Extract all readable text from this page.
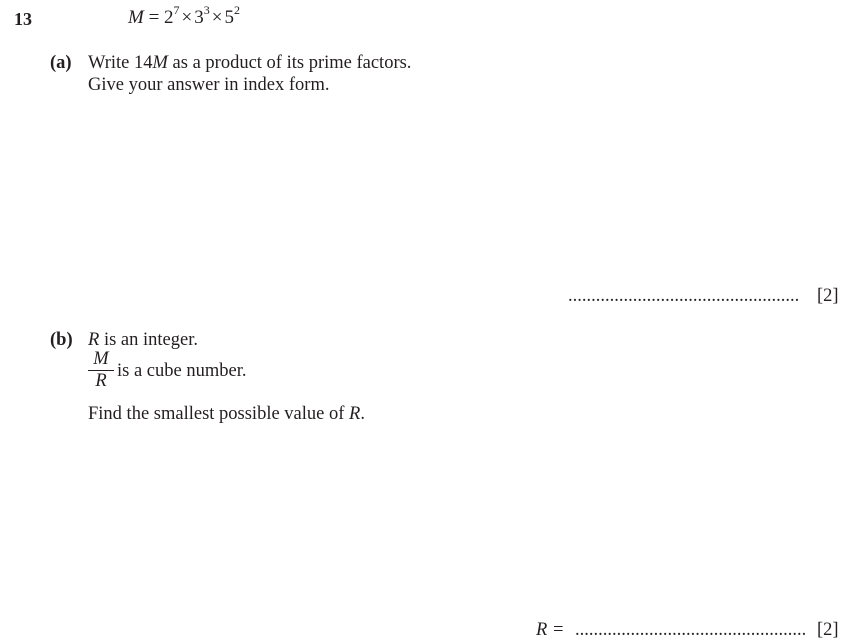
13	$M = 2^7 \times 3^3 \times 5^2$
(a) Write 14M as a product of its prime factors.
Give your answer in index form.
.................................................. [2]
(b) R is an integer.
M
R is a cube number.
Find the smallest possible value of R.
R = .................................................. [2]
